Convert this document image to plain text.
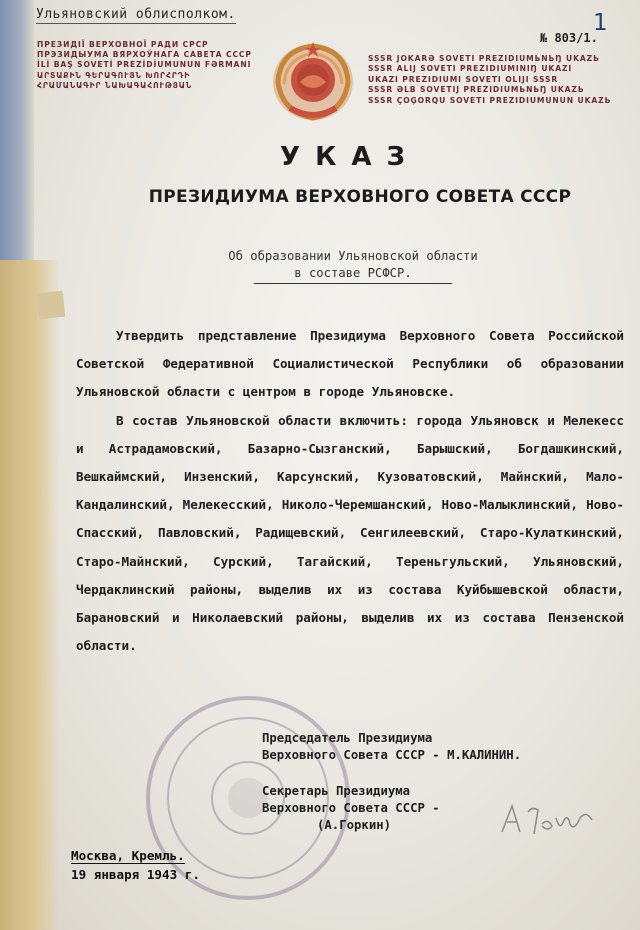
Ульяновский облисполком.	1
№ 803/1.
ПРЕЗИДІЇ ВЕРХОВНОЇ РАДИ СРСР
ПРЭЗИДЫУМА ВЯРХОЎНАГА САВЕТА СССР
İLİ BAŞ SOVETİ PREZİDİUMUNUN FƏRMANI
ԱՐՏԱՔԻՆ ԳԵՐԱԳՈՒՅՆ ԽՈՐՀՐԴԻ
ՀՐԱՄԱՆԱԳԻՐ ՆԱԽԱԳԱՀՈՒԹՅԱՆ
SSSR JOKARƏ SOVETI PREZIDIUMЬNЬŊ UKAZЬ
SSSR ALIJ SOVETI PREZIDIUMINIŊ UKAZI
UKAZI PREZIDIUMI SOVETI OLIJI SSSR
SSSR ƏLB SOVETIJ PREZIDIUMЬNЬŊ UKAZЬ
SSSR ÇOĢORQU SOVETI PREZIDIUMUNUN UKAZЬ
УКАЗ
ПРЕЗИДИУМА ВЕРХОВНОГО СОВЕТА СССР
Об образовании Ульяновской области
в составе РСФСР.

Утвердить представление Президиума Верховного Совета Российской Советской Федеративной Социалистической Республики об образовании Ульяновской области с центром в городе Ульяновске.

В состав Ульяновской области включить: города Ульяновск и Мелекесс и Астрадамовский, Базарно-Сызганский, Барышский, Богдашкинский, Вешкаймский, Инзенский, Карсунский, Кузоватовский, Майнский, Мало-Кандалинский, Мелекесский, Николо-Черемшанский, Ново-Малыклинский, Ново-Спасский, Павловский, Радищевский, Сенгилеевский, Старо-Кулаткинский, Старо-Майнский, Сурский, Тагайский, Тереньгульский, Ульяновский, Чердаклинский районы, выделив их из состава Куйбышевской области, Барановский и Николаевский районы, выделив их из состава Пензенской области.

Председатель Президиума

Верховного Совета СССР - М.КАЛИНИН.

Секретарь Президиума

Верховного Совета СССР -

(А.Горкин)

Москва, Кремль.
19 января 1943 г.
